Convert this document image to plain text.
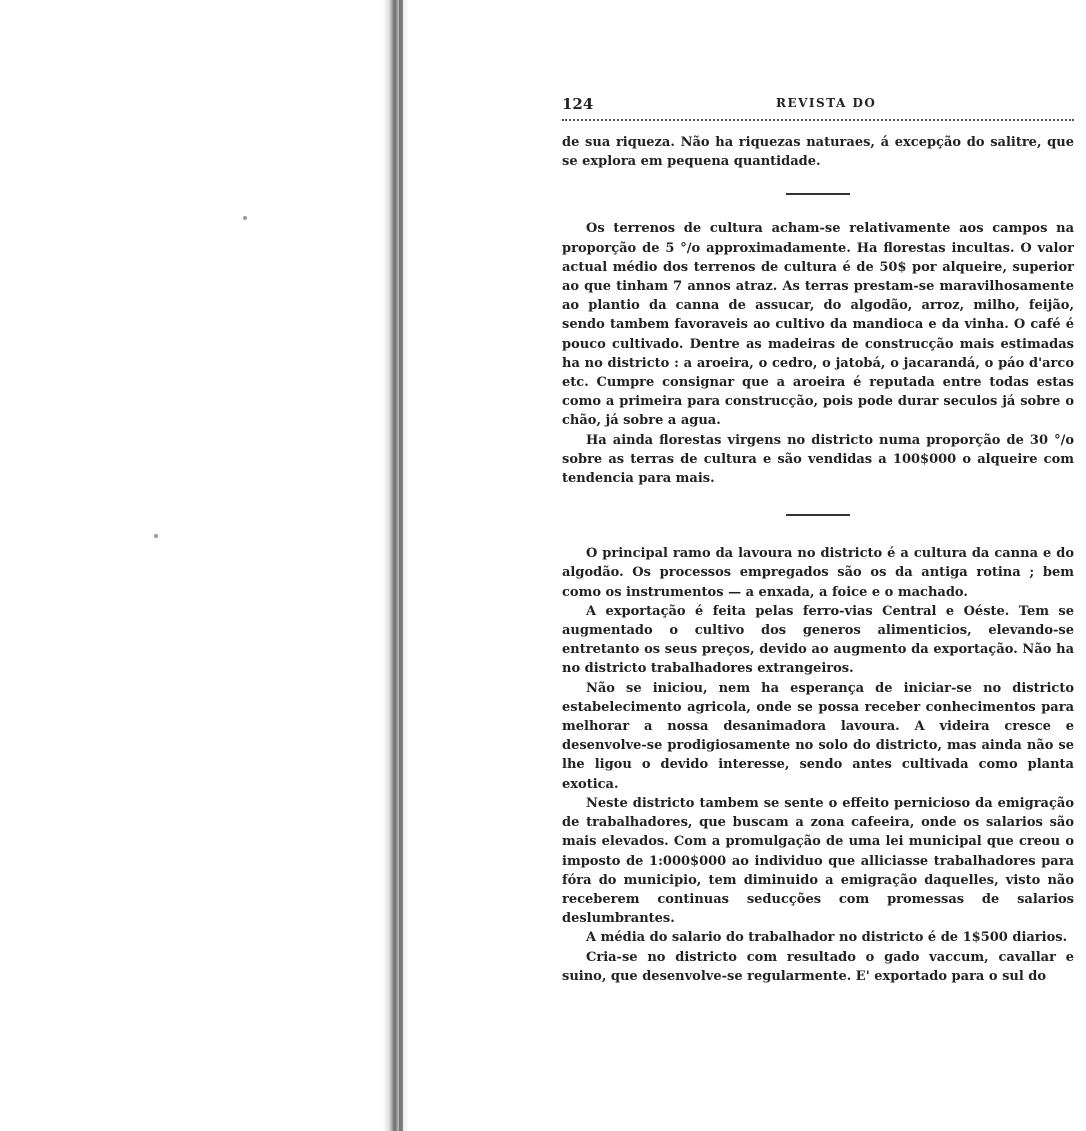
124	REVISTA DO

de sua riqueza. Não ha riquezas naturaes, á excepção do salitre, que se explora em pequena quantidade.

Os terrenos de cultura acham-se relativamente aos campos na proporção de 5 °/o approximadamente. Ha florestas incultas. O valor actual médio dos terrenos de cultura é de 50$ por alqueire, superior ao que tinham 7 annos atraz. As terras prestam-se maravilhosamente ao plantio da canna de assucar, do algodão, arroz, milho, feijão, sendo tambem favoraveis ao cultivo da mandioca e da vinha. O café é pouco cultivado. Dentre as madeiras de construcção mais estimadas ha no districto : a aroeira, o cedro, o jatobá, o jacarandá, o páo d'arco etc. Cumpre consignar que a aroeira é reputada entre todas estas como a primeira para construcção, pois pode durar seculos já sobre o chão, já sobre a agua.

Ha ainda florestas virgens no districto numa proporção de 30 °/o sobre as terras de cultura e são vendidas a 100$000 o alqueire com tendencia para mais.

O principal ramo da lavoura no districto é a cultura da canna e do algodão. Os processos empregados são os da antiga rotina ; bem como os instrumentos — a enxada, a foice e o machado.

A exportação é feita pelas ferro-vias Central e Oéste. Tem se augmentado o cultivo dos generos alimenticios, elevando-se entretanto os seus preços, devido ao augmento da exportação. Não ha no districto trabalhadores extrangeiros.

Não se iniciou, nem ha esperança de iniciar-se no districto estabelecimento agricola, onde se possa receber conhecimentos para melhorar a nossa desanimadora lavoura. A videira cresce e desenvolve-se prodigiosamente no solo do districto, mas ainda não se lhe ligou o devido interesse, sendo antes cultivada como planta exotica.

Neste districto tambem se sente o effeito pernicioso da emigração de trabalhadores, que buscam a zona cafeeira, onde os salarios são mais elevados. Com a promulgação de uma lei municipal que creou o imposto de 1:000$000 ao individuo que alliciasse trabalhadores para fóra do municipio, tem diminuido a emigração daquelles, visto não receberem continuas seducções com promessas de salarios deslumbrantes.

A média do salario do trabalhador no districto é de 1$500 diarios.

Cria-se no districto com resultado o gado vaccum, cavallar e suino, que desenvolve-se regularmente. E' exportado para o sul do
